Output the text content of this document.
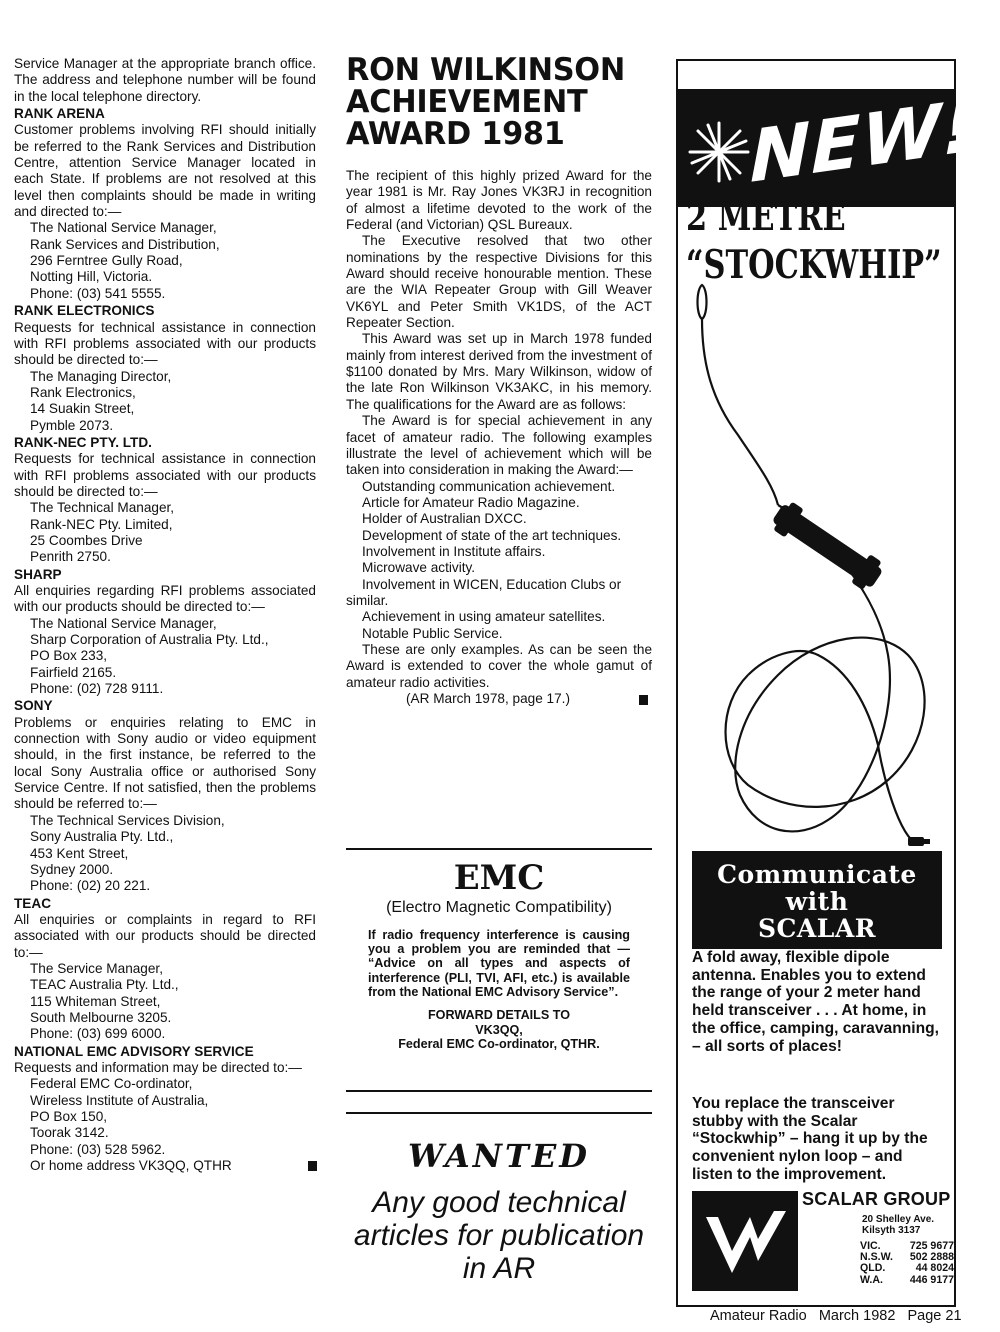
Service Manager at the appropriate branch office. The address and telephone number will be found in the local telephone directory.
RANK ARENA
Customer problems involving RFI should initially be referred to the Rank Services and Distribution Centre, attention Service Manager located in each State. If problems are not resolved at this level then complaints should be made in writing and directed to:—
The National Service Manager,
Rank Services and Distribution,
296 Ferntree Gully Road,
Notting Hill, Victoria.
Phone: (03) 541 5555.
RANK ELECTRONICS
Requests for technical assistance in connection with RFI problems associated with our products should be directed to:—
The Managing Director,
Rank Electronics,
14 Suakin Street,
Pymble 2073.
RANK-NEC PTY. LTD.
Requests for technical assistance in connection with RFI problems associated with our products should be directed to:—
The Technical Manager,
Rank-NEC Pty. Limited,
25 Coombes Drive
Penrith 2750.
SHARP
All enquiries regarding RFI problems associated with our products should be directed to:—
The National Service Manager,
Sharp Corporation of Australia Pty. Ltd.,
PO Box 233,
Fairfield 2165.
Phone: (02) 728 9111.
SONY
Problems or enquiries relating to EMC in connection with Sony audio or video equipment should, in the first instance, be referred to the local Sony Australia office or authorised Sony Service Centre. If not satisfied, then the problems should be referred to:—
The Technical Services Division,
Sony Australia Pty. Ltd.,
453 Kent Street,
Sydney 2000.
Phone: (02) 20 221.
TEAC
All enquiries or complaints in regard to RFI associated with our products should be directed to:—
The Service Manager,
TEAC Australia Pty. Ltd.,
115 Whiteman Street,
South Melbourne 3205.
Phone: (03) 699 6000.
NATIONAL EMC ADVISORY SERVICE
Requests and information may be directed to:—
Federal EMC Co-ordinator,
Wireless Institute of Australia,
PO Box 150,
Toorak 3142.
Phone: (03) 528 5962.
Or home address VK3QQ, QTHR
RON WILKINSON
ACHIEVEMENT
AWARD 1981
The recipient of this highly prized Award for the year 1981 is Mr. Ray Jones VK3RJ in recognition of almost a lifetime devoted to the work of the Federal (and Victorian) QSL Bureaux.
The Executive resolved that two other nominations by the respective Divisions for this Award should receive honourable mention. These are the WIA Repeater Group with Gill Weaver VK6YL and Peter Smith VK1DS, of the ACT Repeater Section.
This Award was set up in March 1978 funded mainly from interest derived from the investment of $1100 donated by Mrs. Mary Wilkinson, widow of the late Ron Wilkinson VK3AKC, in his memory. The qualifications for the Award are as follows:
The Award is for special achievement in any facet of amateur radio. The following examples illustrate the level of achievement which will be taken into consideration in making the Award:—
Outstanding communication achievement.
Article for Amateur Radio Magazine.
Holder of Australian DXCC.
Development of state of the art techniques.
Involvement in Institute affairs.
Microwave activity.
Involvement in WICEN, Education Clubs or similar.
Achievement in using amateur satellites.
Notable Public Service.
These are only examples. As can be seen the Award is extended to cover the whole gamut of amateur radio activities.
(AR March 1978, page 17.)
EMC
(Electro Magnetic Compatibility)
If radio frequency interference is causing you a problem you are reminded that — “Advice on all types and aspects of interference (PLI, TVI, AFI, etc.) is available from the National EMC Advisory Service”.
FORWARD DETAILS TO
VK3QQ,
Federal EMC Co-ordinator, QTHR.
WANTED
Any good technical
articles for publication
in AR
NEW!
2 METRE
“STOCKWHIP”
Communicate
with
SCALAR
A fold away, flexible dipole antenna. Enables you to extend the range of your 2 meter hand held transceiver . . . At home, in the office, camping, caravanning, – all sorts of places!
You replace the transceiver stubby with the Scalar “Stockwhip” – hang it up by the convenient nylon loop – and listen to the improvement.
SCALAR GROUP
20 Shelley Ave.
Kilsyth 3137
VIC.	725 9677
N.S.W. 502 2888
QLD.	44 8024
W.A.	446 9177
Amateur Radio March 1982 Page 21
